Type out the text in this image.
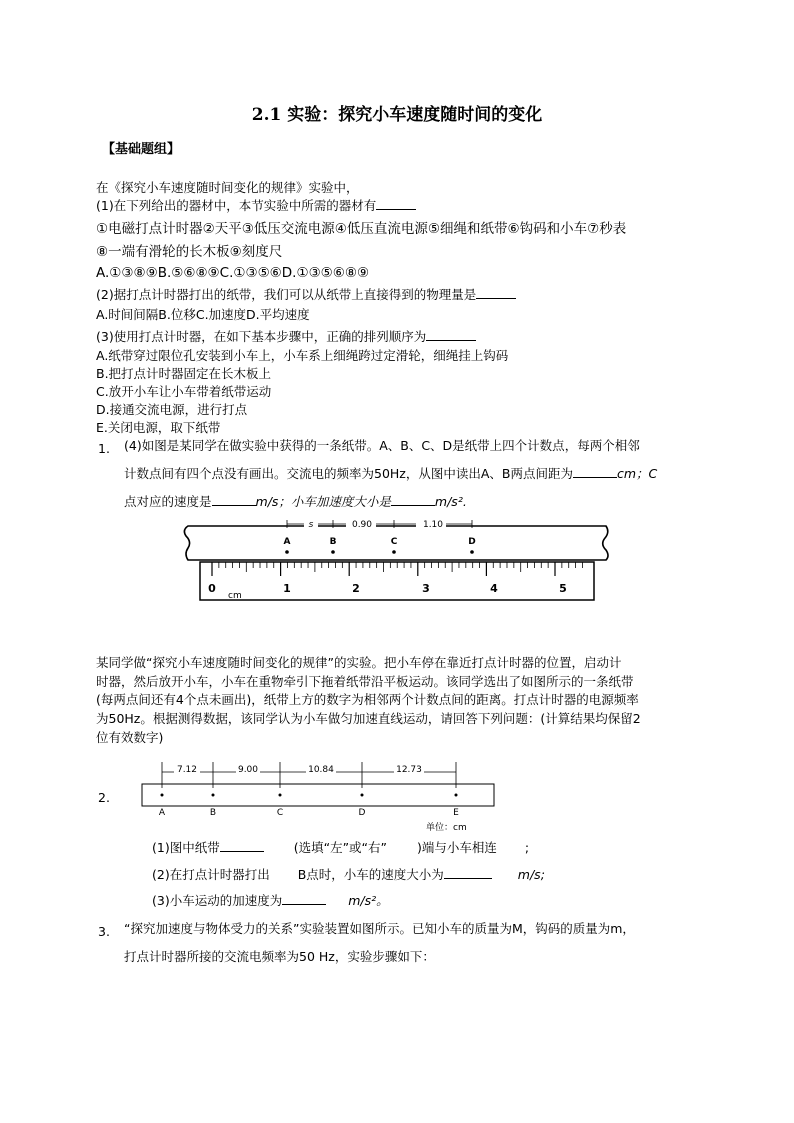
2.1 实验：探究小车速度随时间的变化
【基础题组】
在《探究小车速度随时间变化的规律》实验中，
(1)在下列给出的器材中，本节实验中所需的器材有
①电磁打点计时器②天平③低压交流电源④低压直流电源⑤细绳和纸带⑥钩码和小车⑦秒表
⑧一端有滑轮的长木板⑨刻度尺
A.①③⑧⑨B.⑤⑥⑧⑨C.①③⑤⑥D.①③⑤⑥⑧⑨
(2)据打点计时器打出的纸带，我们可以从纸带上直接得到的物理量是
A.时间间隔B.位移C.加速度D.平均速度
(3)使用打点计时器，在如下基本步骤中，正确的排列顺序为
A.纸带穿过限位孔安装到小车上，小车系上细绳跨过定滑轮，细绳挂上钩码
B.把打点计时器固定在长木板上
C.放开小车让小车带着纸带运动
D.接通交流电源，进行打点
E.关闭电源，取下纸带
1. (4)如图是某同学在做实验中获得的一条纸带。A、B、C、D是纸带上四个计数点，每两个相邻
计数点间有四个点没有画出。交流电的频率为50Hz，从图中读出A、B两点间距为	cm；C
点对应的速度是	m/s；小车加速度大小是	m/s².
0	1	2	3	4	5
cm
s	0.90	1.10
A	B	C	D
某同学做“探究小车速度随时间变化的规律”的实验。把小车停在靠近打点计时器的位置，启动计
时器，然后放开小车，小车在重物牵引下拖着纸带沿平板运动。该同学选出了如图所示的一条纸带
(每两点间还有4个点未画出)，纸带上方的数字为相邻两个计数点间的距离。打点计时器的电源频率
为50Hz。根据测得数据，该同学认为小车做匀加速直线运动，请回答下列问题：(计算结果均保留2
位有效数字)
2.
7.12	9.00	10.84	12.73
A	B	C	D	E
单位：cm
(1)图中纸带	(选填“左”或“右” )端与小车相连 ;
(2)在打点计时器打出 B点时，小车的速度大小为	m/s;
(3)小车运动的加速度为	m/s²。
3. “探究加速度与物体受力的关系”实验装置如图所示。已知小车的质量为M，钩码的质量为m，
打点计时器所接的交流电频率为50 Hz，实验步骤如下：
